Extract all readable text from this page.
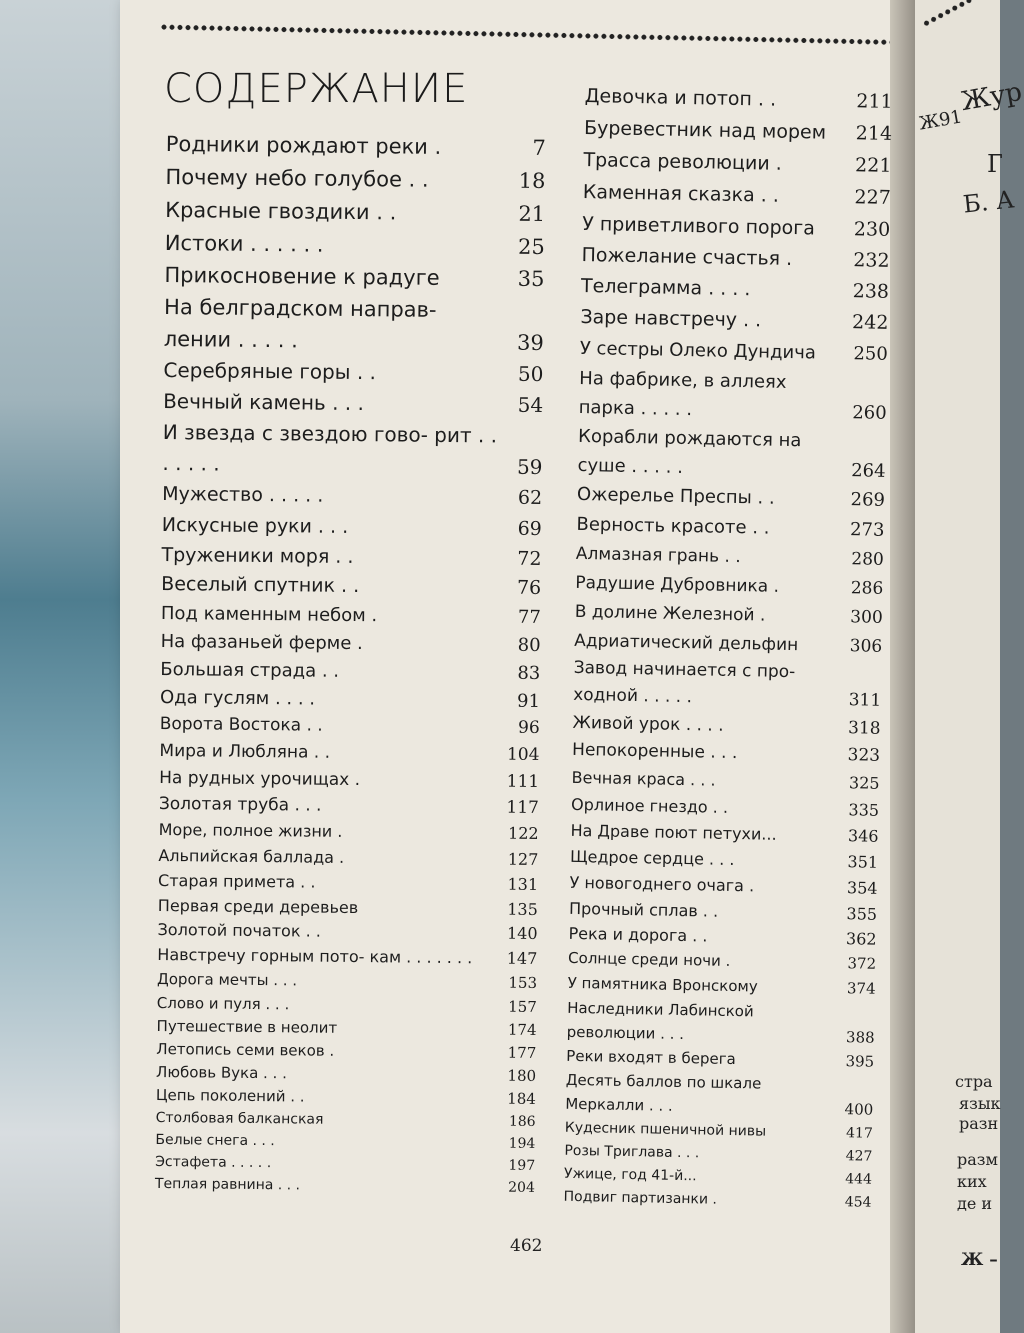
Ж91
Жур
Г
Б. А
стра
язык
разн
разм
ких
де и
Ж –
СОДЕРЖАНИЕ
Родники рождают реки .	7
Почему небо голубое . .	18
Красные гвоздики . .	21
Истоки . . . . . .	25
Прикосновение к радуге	35
На белградском направ- лении . . . . .	39
Серебряные горы . .	50
Вечный камень . . .	54
И звезда с звездою гово- рит . . . . . . .	59
Мужество . . . . .	62
Искусные руки . . .	69
Труженики моря . .	72
Веселый спутник . .	76
Под каменным небом .	77
На фазаньей ферме .	80
Большая страда . .	83
Ода гуслям . . . .	91
Ворота Востока . .	96
Мира и Любляна . .	104
На рудных урочищах .	111
Золотая труба . . .	117
Море, полное жизни .	122
Альпийская баллада .	127
Старая примета . .	131
Первая среди деревьев	135
Золотой початок . .	140
Навстречу горным пото- кам . . . . . . .	147
Дорога мечты . . .	153
Слово и пуля . . .	157
Путешествие в неолит	174
Летопись семи веков .	177
Любовь Вука . . .	180
Цепь поколений . .	184
Столбовая балканская	186
Белые снега . . .	194
Эстафета . . . . .	197
Теплая равнина . . .	204
Девочка и потоп . .	211
Буревестник над морем	214
Трасса революции .	221
Каменная сказка . .	227
У приветливого порога	230
Пожелание счастья .	232
Телеграмма . . . .	238
Заре навстречу . .	242
У сестры Олеко Дундича	250
На фабрике, в аллеях парка . . . . .	260
Корабли рождаются на суше . . . . .	264
Ожерелье Преспы . .	269
Верность красоте . .	273
Алмазная грань . .	280
Радушие Дубровника .	286
В долине Железной .	300
Адриатический дельфин	306
Завод начинается с про- ходной . . . . .	311
Живой урок . . . .	318
Непокоренные . . .	323
Вечная краса . . .	325
Орлиное гнездо . .	335
На Драве поют петухи...	346
Щедрое сердце . . .	351
У новогоднего очага .	354
Прочный сплав . .	355
Река и дорога . .	362
Солнце среди ночи .	372
У памятника Вронскому	374
Наследники Лабинской революции . . .	388
Реки входят в берега	395
Десять баллов по шкале Меркалли . . .	400
Кудесник пшеничной нивы	417
Розы Триглава . . .	427
Ужице, год 41-й...	444
Подвиг партизанки .	454
462
